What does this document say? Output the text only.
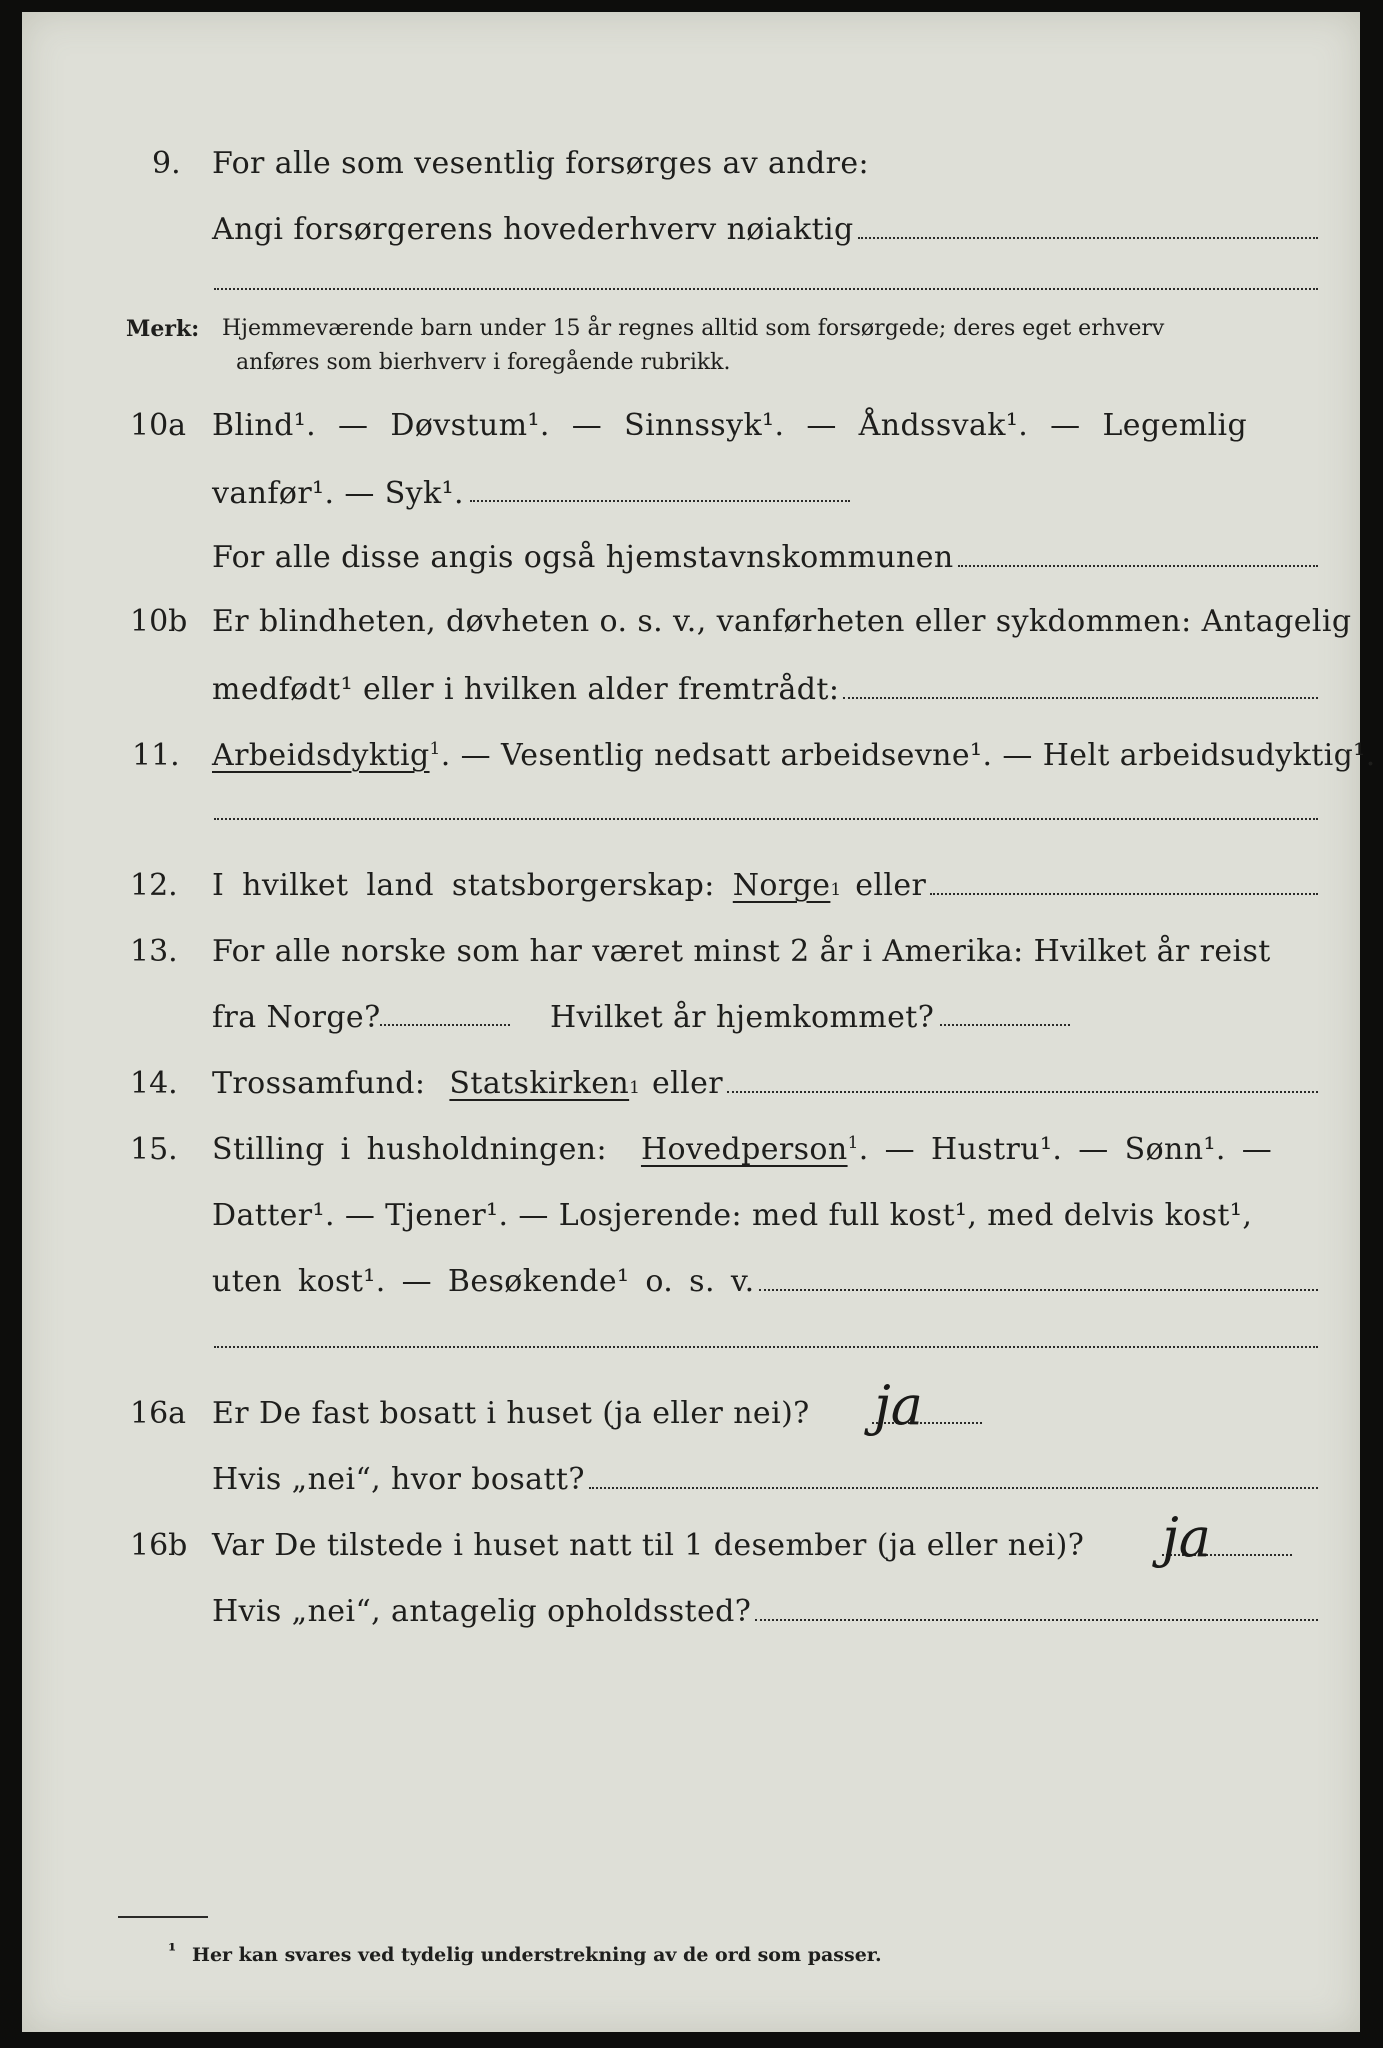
9. For alle som vesentlig forsørges av andre:
Angi forsørgerens hovederhverv nøiaktig
Merk: Hjemmeværende barn under 15 år regnes alltid som forsørgede; deres eget erhverv
anføres som bierhverv i foregående rubrikk.
10a Blind¹. — Døvstum¹. — Sinnssyk¹. — Åndssvak¹. — Legemlig
vanfør¹. — Syk¹.
For alle disse angis også hjemstavnskommunen
10b Er blindheten, døvheten o. s. v., vanførheten eller sykdommen: Antagelig
medfødt¹ eller i hvilken alder fremtrådt:
11. Arbeidsdyktig$^1$. — Vesentlig nedsatt arbeidsevne¹. — Helt arbeidsudyktig¹.
12. I hvilket land statsborgerskap: Norge 1 eller
13. For alle norske som har været minst 2 år i Amerika: Hvilket år reist
fra Norge?	Hvilket år hjemkommet?
14. Trossamfund: Statskirken 1 eller
15. Stilling i husholdningen: Hovedperson$^1$. — Hustru¹. — Sønn¹. —
Datter¹. — Tjener¹. — Losjerende: med full kost¹, med delvis kost¹,
uten kost¹. — Besøkende¹ o. s. v.
16a Er De fast bosatt i huset (ja eller nei)? ja
Hvis „nei“, hvor bosatt?
16b Var De tilstede i huset natt til 1 desember (ja eller nei)? ja
Hvis „nei“, antagelig opholdssted?
¹ Her kan svares ved tydelig understrekning av de ord som passer.
